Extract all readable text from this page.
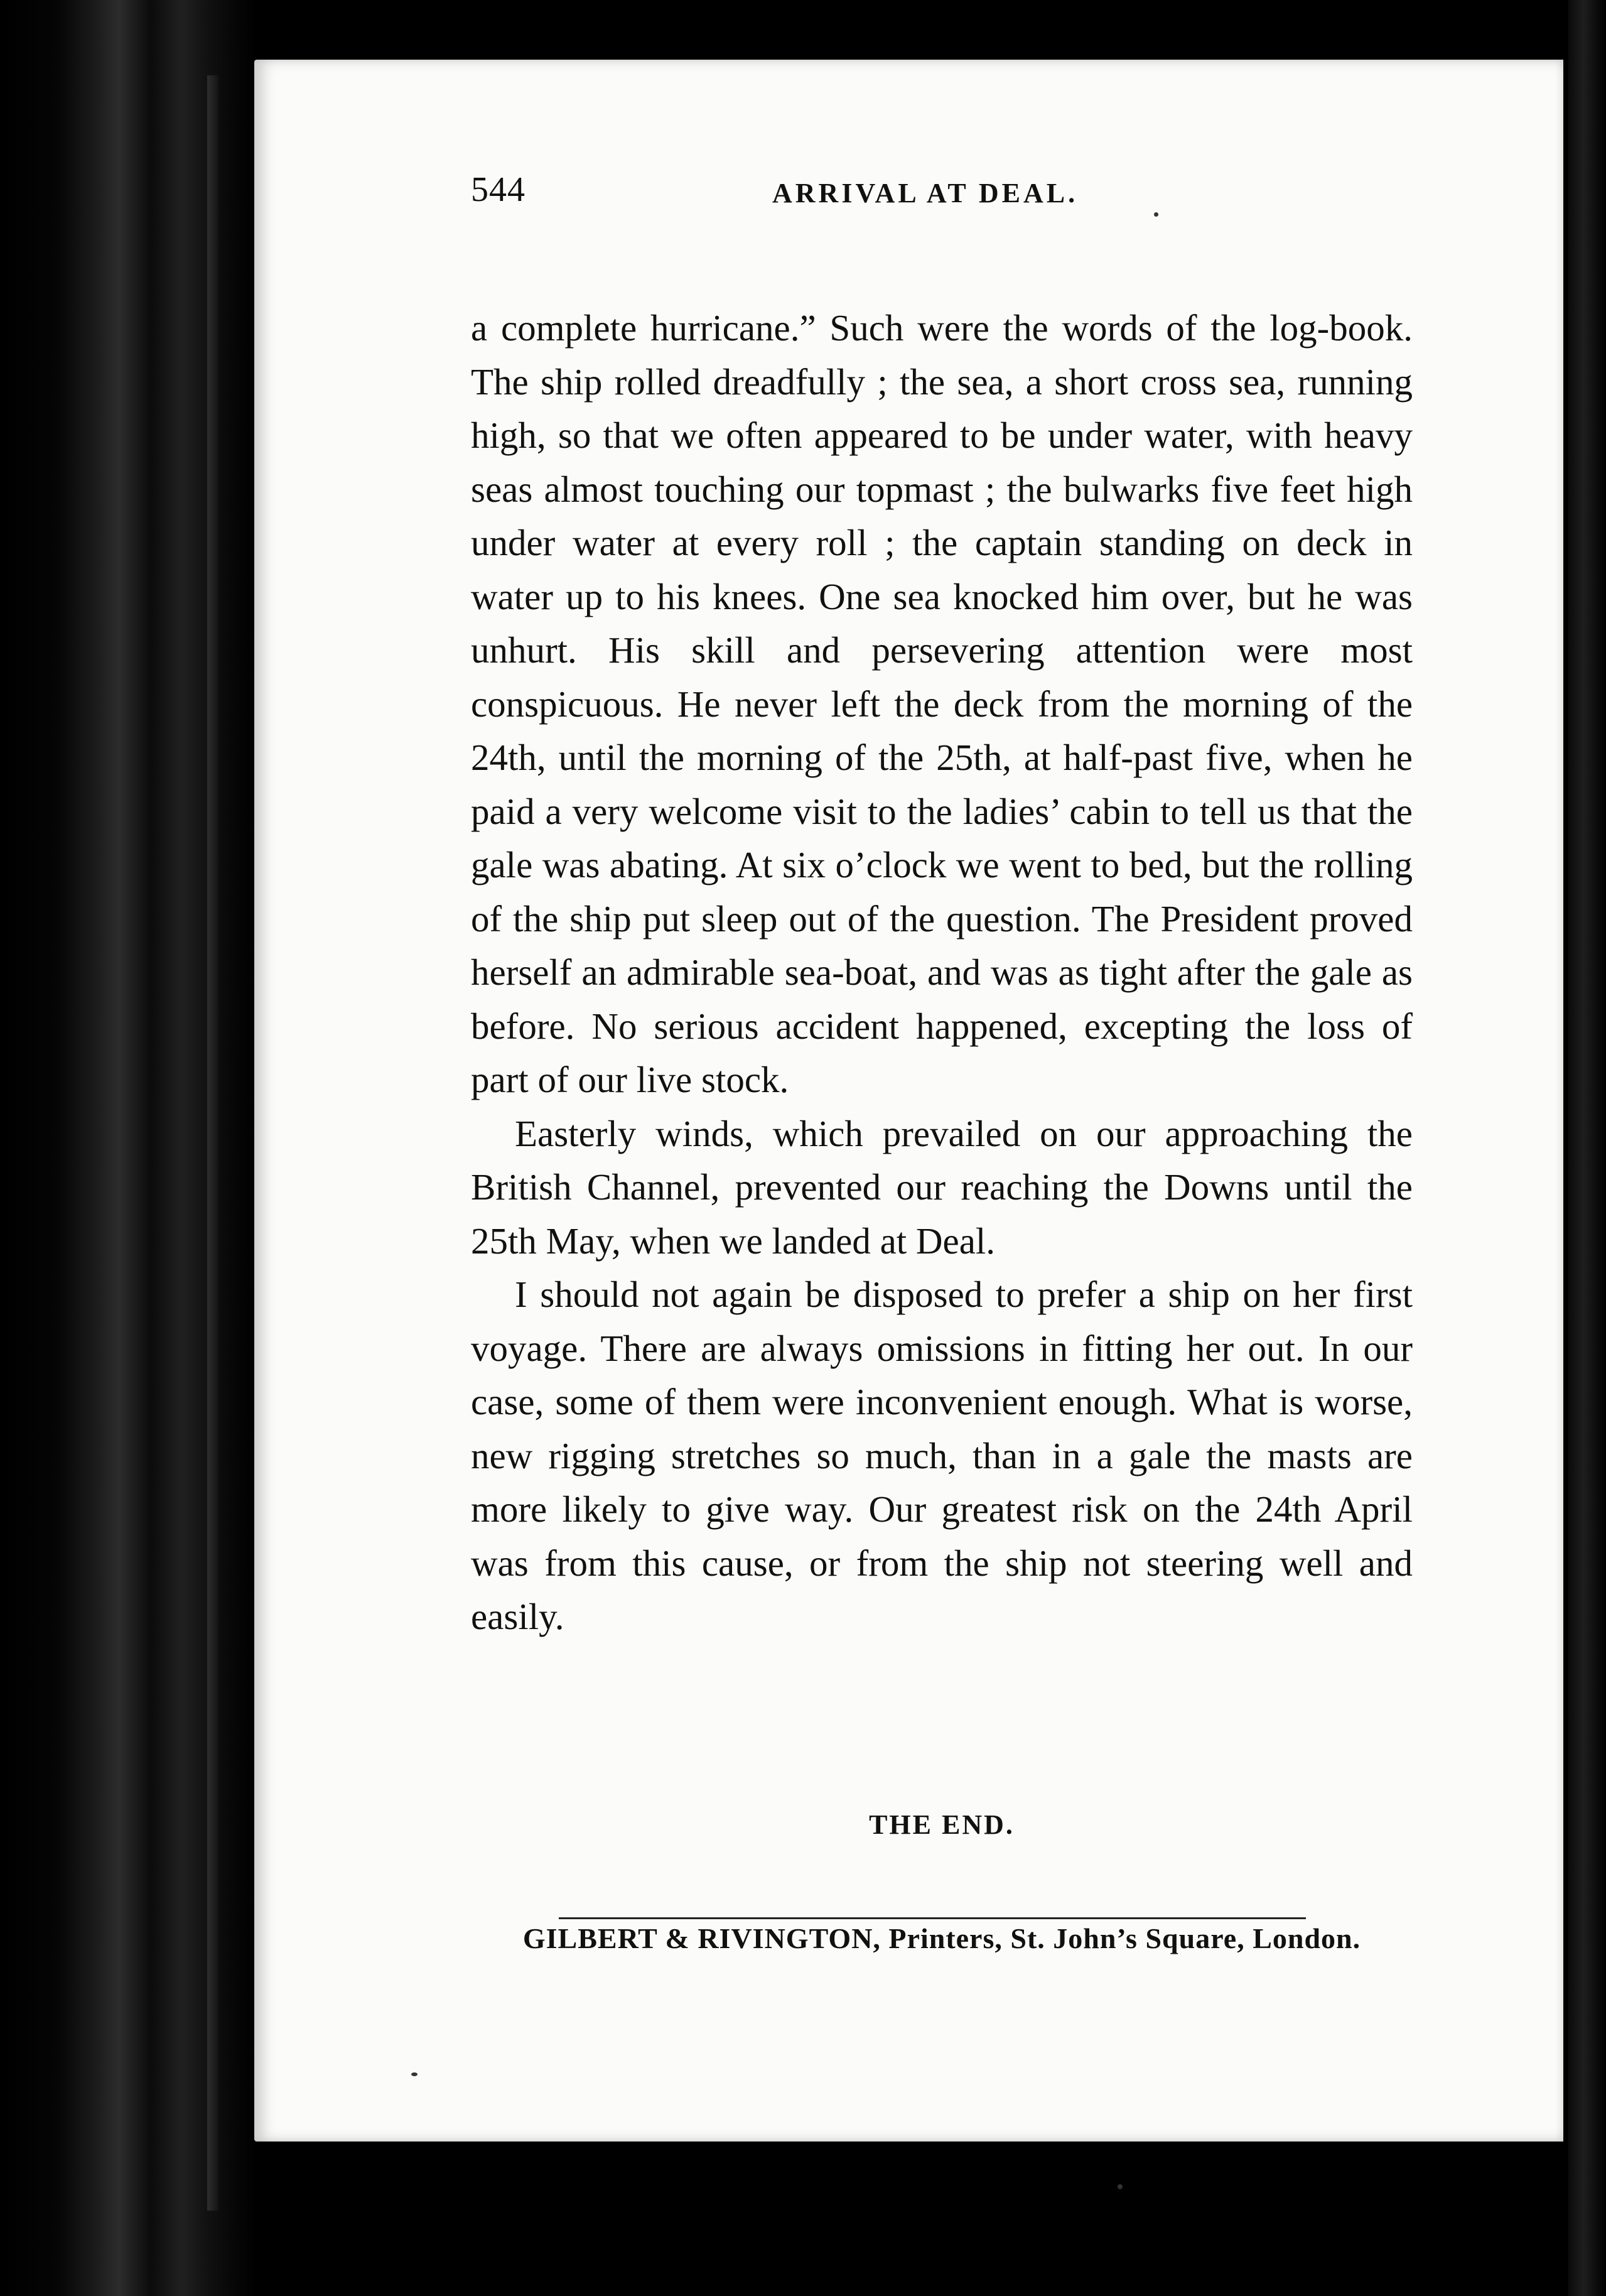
544	ARRIVAL AT DEAL.

a complete hurricane.” Such were the words of the log-book. The ship rolled dreadfully ; the sea, a short cross sea, running high, so that we often appeared to be under water, with heavy seas almost touching our topmast ; the bulwarks five feet high under water at every roll ; the captain standing on deck in water up to his knees. One sea knocked him over, but he was unhurt. His skill and persevering attention were most conspicuous. He never left the deck from the morning of the 24th, until the morning of the 25th, at half-past five, when he paid a very welcome visit to the ladies’ cabin to tell us that the gale was abating. At six o’clock we went to bed, but the rolling of the ship put sleep out of the question. The President proved herself an admirable sea-boat, and was as tight after the gale as before. No serious accident happened, excepting the loss of part of our live stock.

Easterly winds, which prevailed on our approaching the British Channel, prevented our reaching the Downs until the 25th May, when we landed at Deal.

I should not again be disposed to prefer a ship on her first voyage. There are always omissions in fitting her out. In our case, some of them were inconvenient enough. What is worse, new rigging stretches so much, than in a gale the masts are more likely to give way. Our greatest risk on the 24th April was from this cause, or from the ship not steering well and easily.

THE END.
GILBERT & RIVINGTON, Printers, St. John’s Square, London.
